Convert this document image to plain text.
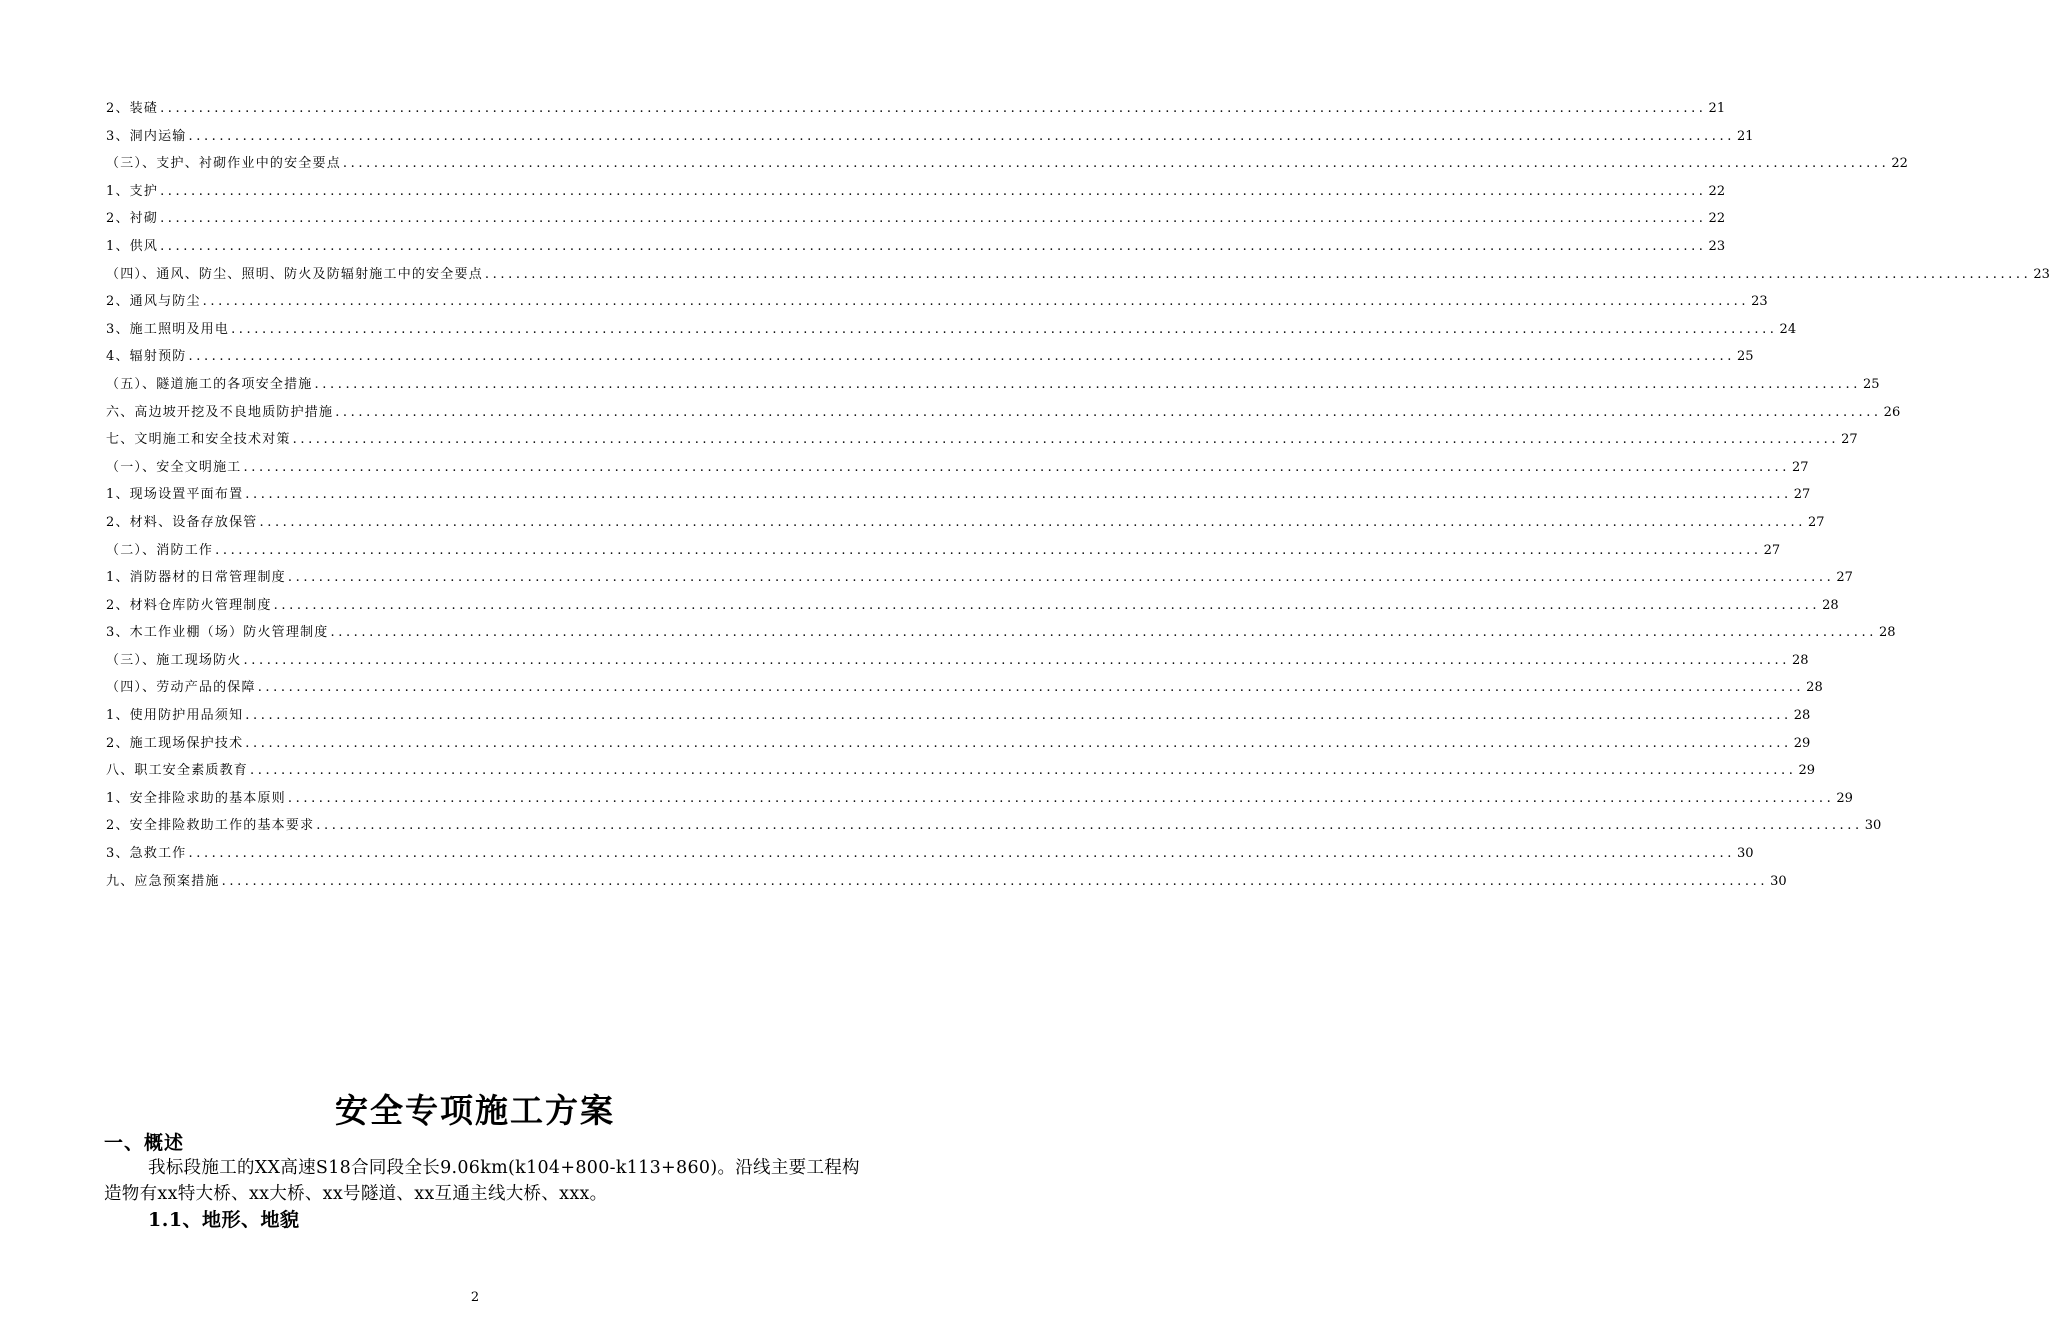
2、装碴 ........................................................................................................................................................................................................ 21
3、洞内运输 ........................................................................................................................................................................................................ 21
（三）、支护、衬砌作业中的安全要点 ........................................................................................................................................................................................................ 22
1、支护 ........................................................................................................................................................................................................ 22
2、衬砌 ........................................................................................................................................................................................................ 22
1、供风 ........................................................................................................................................................................................................ 23
（四）、通风、防尘、照明、防火及防辐射施工中的安全要点 ........................................................................................................................................................................................................ 23
2、通风与防尘 ........................................................................................................................................................................................................ 23
3、施工照明及用电 ........................................................................................................................................................................................................ 24
4、辐射预防 ........................................................................................................................................................................................................ 25
（五）、隧道施工的各项安全措施 ........................................................................................................................................................................................................ 25
六、高边坡开挖及不良地质防护措施 ........................................................................................................................................................................................................ 26
七、文明施工和安全技术对策 ........................................................................................................................................................................................................ 27
（一）、安全文明施工 ........................................................................................................................................................................................................ 27
1、现场设置平面布置 ........................................................................................................................................................................................................ 27
2、材料、设备存放保管 ........................................................................................................................................................................................................ 27
（二）、消防工作 ........................................................................................................................................................................................................ 27
1、消防器材的日常管理制度 ........................................................................................................................................................................................................ 27
2、材料仓库防火管理制度 ........................................................................................................................................................................................................ 28
3、木工作业棚（场）防火管理制度 ........................................................................................................................................................................................................ 28
（三）、施工现场防火 ........................................................................................................................................................................................................ 28
（四）、劳动产品的保障 ........................................................................................................................................................................................................ 28
1、使用防护用品须知 ........................................................................................................................................................................................................ 28
2、施工现场保护技术 ........................................................................................................................................................................................................ 29
八、职工安全素质教育 ........................................................................................................................................................................................................ 29
1、安全排险求助的基本原则 ........................................................................................................................................................................................................ 29
2、安全排险救助工作的基本要求 ........................................................................................................................................................................................................ 30
3、急救工作 ........................................................................................................................................................................................................ 30
九、应急预案措施 ........................................................................................................................................................................................................ 30
安全专项施工方案
一、概述

我标段施工的XX高速S18合同段全长9.06km(k104+800-k113+860)。沿线主要工程构造物有xx特大桥、xx大桥、xx号隧道、xx互通主线大桥、xxx。

1.1、地形、地貌
2
